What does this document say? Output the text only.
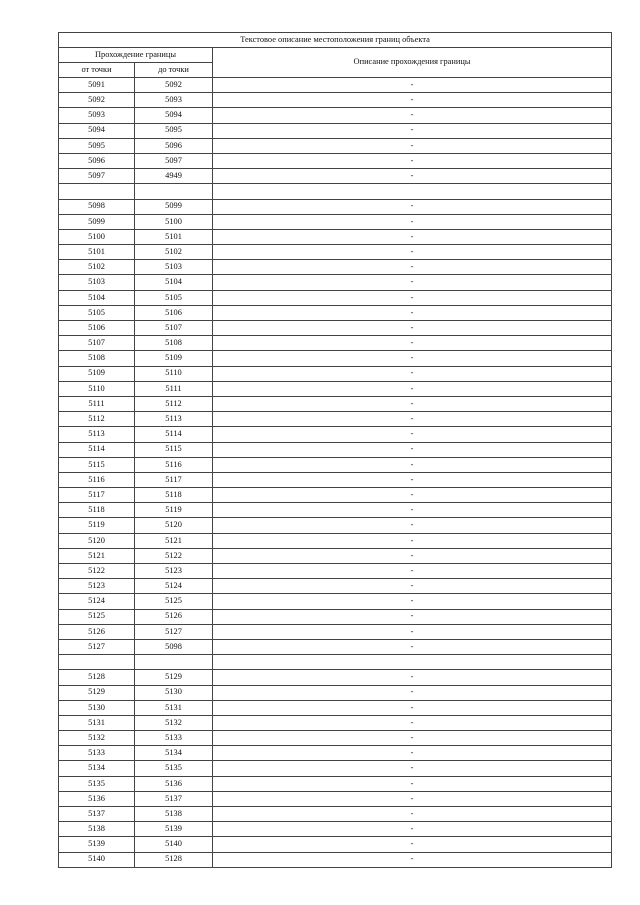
Текстовое описание местоположения границ объекта		
Прохождение границы		Описание прохождения границы
от точки	до точки	
5091	5092	-
5092	5093	-
5093	5094	-
5094	5095	-
5095	5096	-
5096	5097	-
5097	4949	-

5098	5099	-
5099	5100	-
5100	5101	-
5101	5102	-
5102	5103	-
5103	5104	-
5104	5105	-
5105	5106	-
5106	5107	-
5107	5108	-
5108	5109	-
5109	5110	-
5110	5111	-
5111	5112	-
5112	5113	-
5113	5114	-
5114	5115	-
5115	5116	-
5116	5117	-
5117	5118	-
5118	5119	-
5119	5120	-
5120	5121	-
5121	5122	-
5122	5123	-
5123	5124	-
5124	5125	-
5125	5126	-
5126	5127	-
5127	5098	-

5128	5129	-
5129	5130	-
5130	5131	-
5131	5132	-
5132	5133	-
5133	5134	-
5134	5135	-
5135	5136	-
5136	5137	-
5137	5138	-
5138	5139	-
5139	5140	-
5140	5128	-
